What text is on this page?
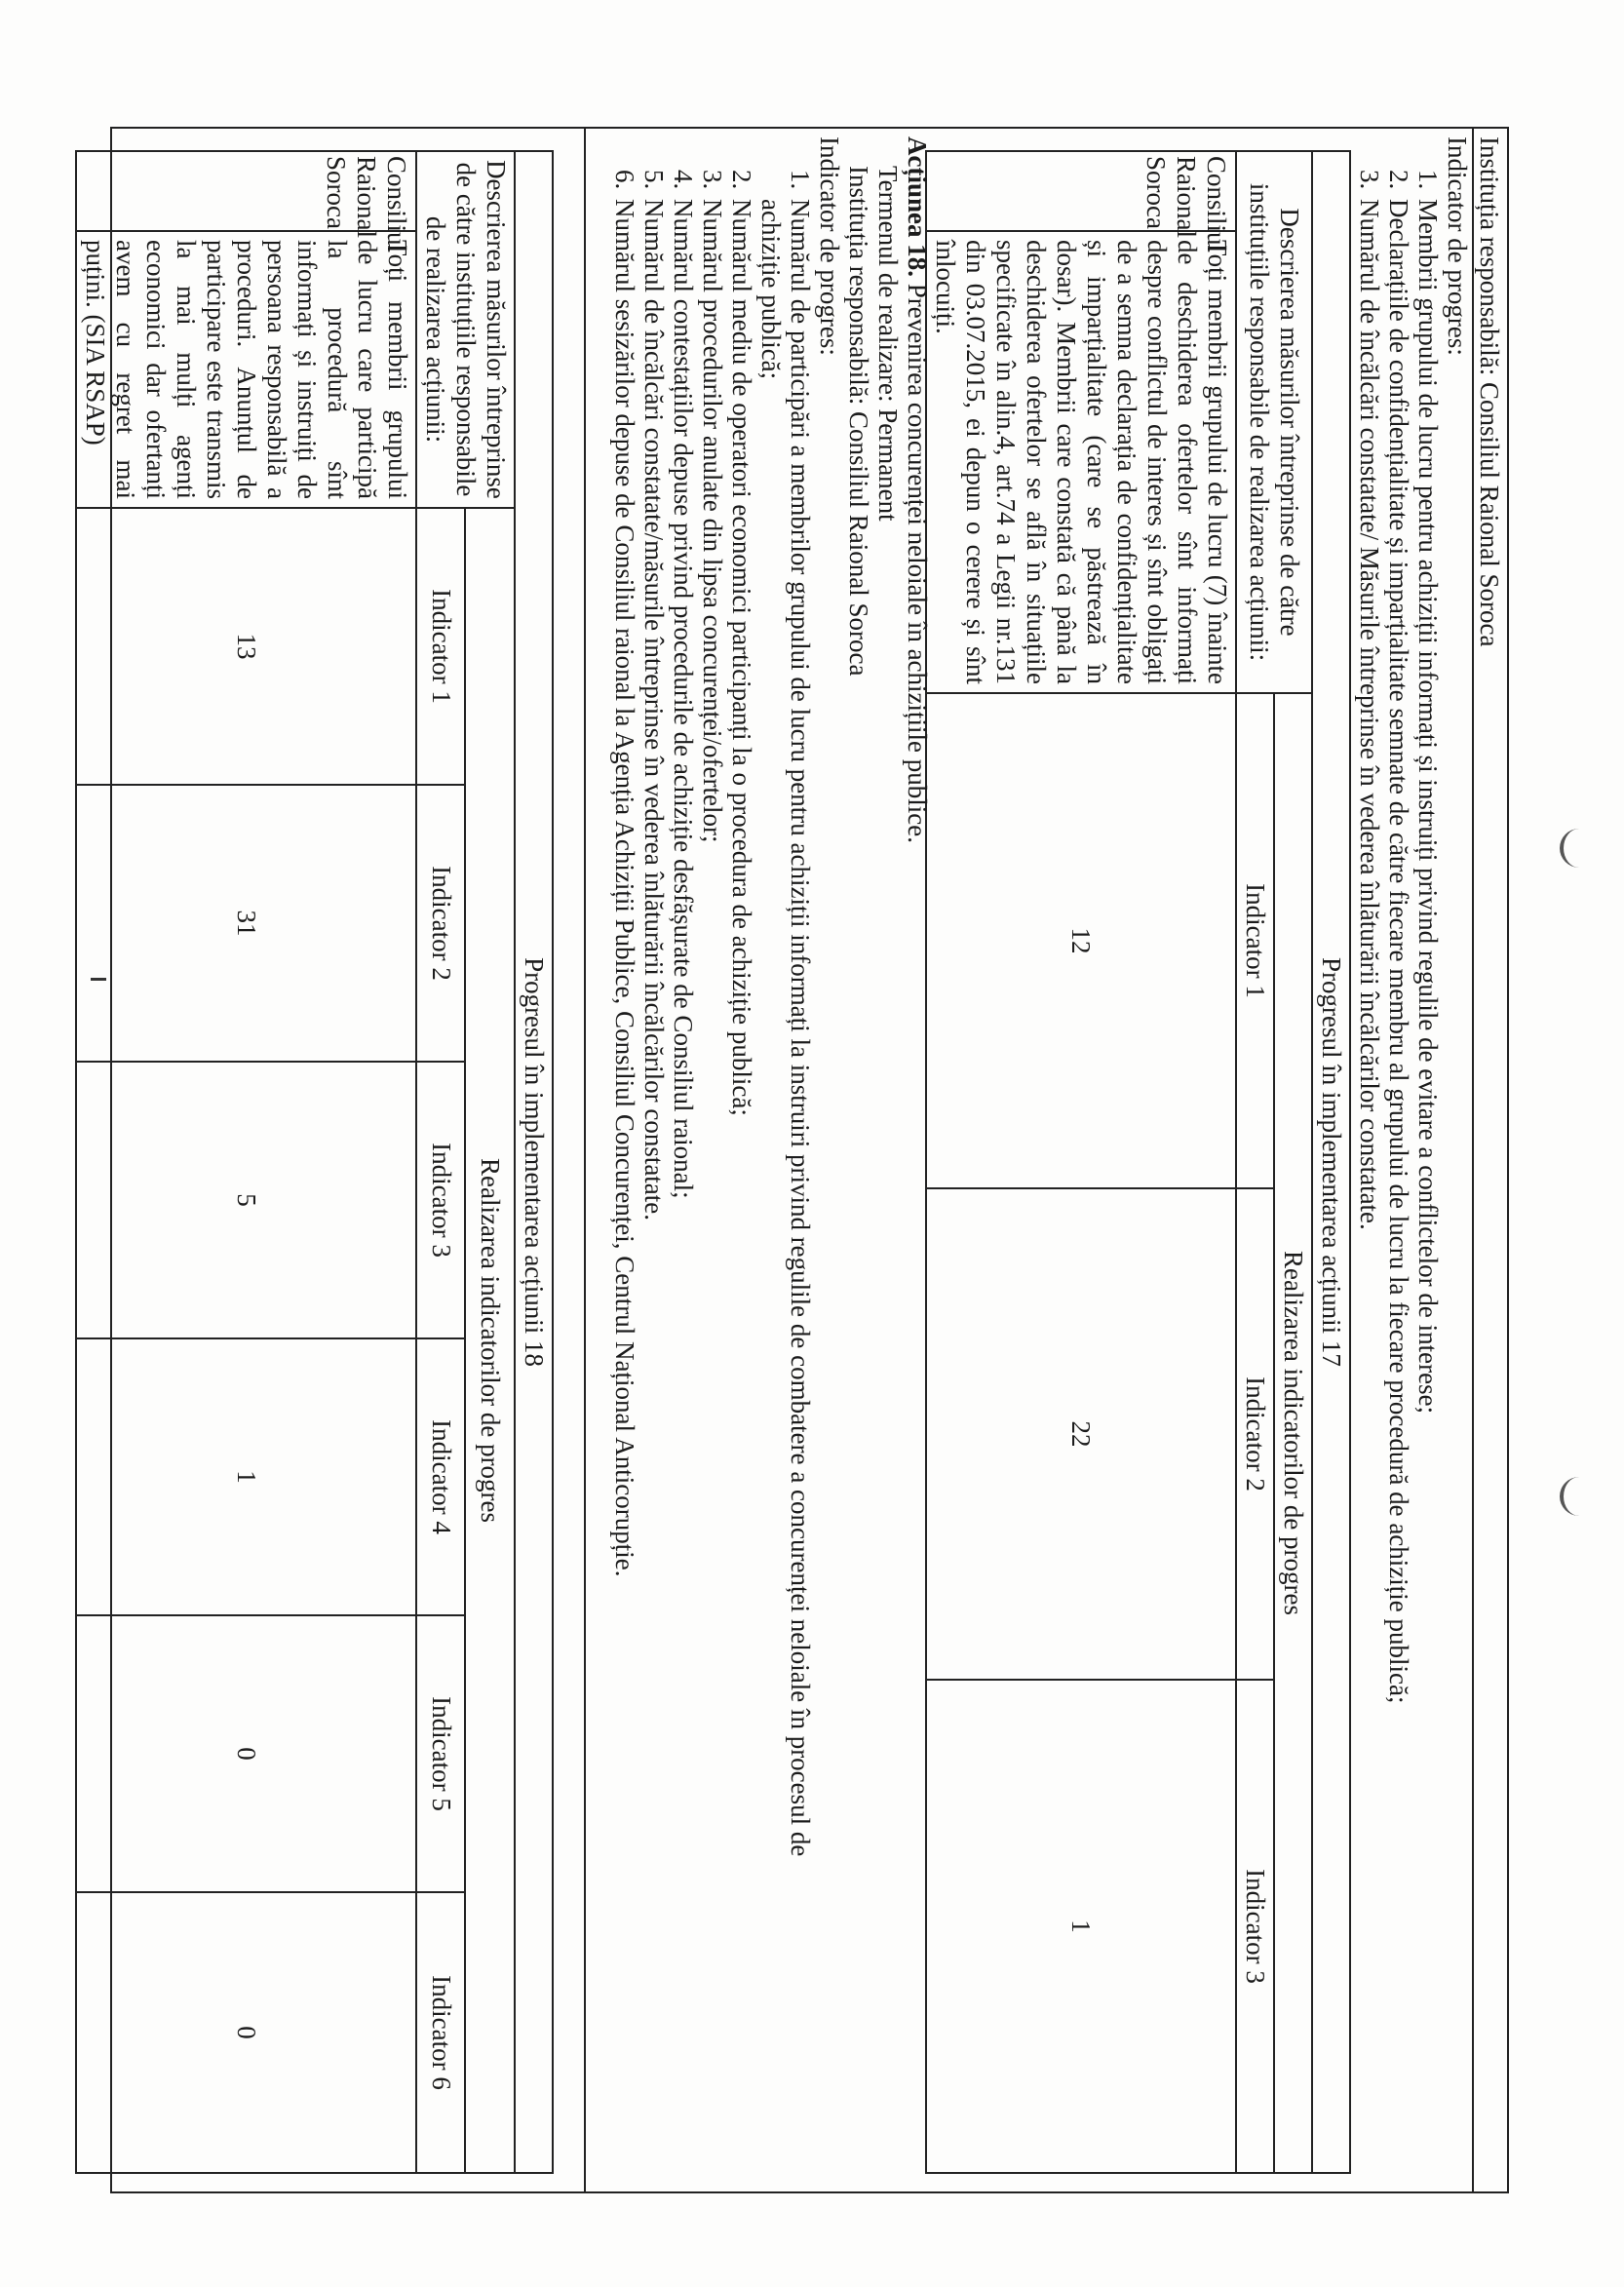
Instituția responsabilă: Consiliul Raional Soroca
Indicator de progres:
1.Membrii grupului de lucru pentru achiziții informați și instruiți privind regulile de evitare a conflictelor de interese;
2.Declarațiile de confidențialitate și imparțialitate semnate de către fiecare membru al grupului de lucru la fiecare procedură de achiziție publică;
3.Numărul de încălcări constatate/ Măsurile întreprinse în vederea înlăturării încălcărilor constatate.
Progresul în implementarea acțiunii 17				
Descrierea măsurilor întreprinse de către instituțiile responsabile de realizarea acțiunii:		Realizarea indicatorilor de progres		
		Indicator 1	Indicator 2	Indicator 3
Consiliul Raional Soroca	Toți membrii grupului de lucru (7) înainte de deschiderea ofertelor sînt informați despre conflictul de interes și sînt obligați de a semna declarația de confidențialitate și imparțialitate (care se păstrează în dosar). Membrii care constată că până la deschiderea ofertelor se află în situațiile specificate în alin.4, art.74 a Legii nr.131 din 03.07.2015, ei depun o cerere și sînt înlocuiți.	12	22	1
Acțiunea 18. Prevenirea concurenței neloiale în achizițiile publice.
Termenul de realizare: Permanent
Instituția responsabilă: Consiliul Raional Soroca
Indicator de progres:
1.Numărul de participări a membrilor grupului de lucru pentru achiziții informați la instruiri privind regulile de combatere a concurenței neloiale în procesul de
achiziție publică;
2.Numărul mediu de operatori economici participanți la o procedura de achiziție publică;
3.Numărul procedurilor anulate din lipsa concurenței/ofertelor;
4.Numărul contestațiilor depuse privind procedurile de achiziție desfășurate de Consiliul raional;
5.Numărul de încălcări constatate/măsurile întreprinse în vederea înlăturării încălcărilor constatate.
6.Numărul sesizărilor depuse de Consiliul raional la Agenția Achiziții Publice, Consiliul Concurenței, Centrul Național Anticorupție.
Progresul în implementarea acțiunii 18							
Descrierea măsurilor întreprinse de către instituțiile responsabile de realizarea acțiunii:		Realizarea indicatorilor de progres					
		Indicator 1	Indicator 2	Indicator 3	Indicator 4	Indicator 5	Indicator 6
Consiliul Raional Soroca	Toți membrii grupului de lucru care participă la procedură sînt informați și instruiți de persoana responsabilă a proceduri. Anunțul de participare este transmis la mai mulți agenți economici dar ofertanți avem cu regret mai puțini. (SIA RSAP)	13	31	5	1	0	0
